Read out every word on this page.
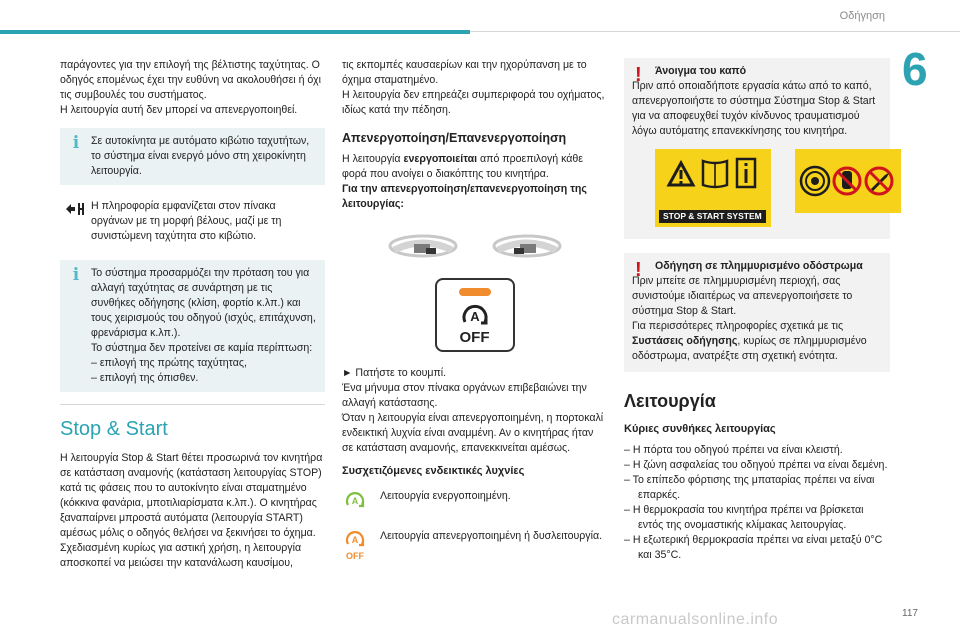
Οδήγηση
6
117
carmanualsonline.info

παράγοντες για την επιλογή της βέλτιστης ταχύτητας. Ο οδηγός επομένως έχει την ευθύνη να ακολουθήσει ή όχι τις συμβουλές του συστήματος.
Η λειτουργία αυτή δεν μπορεί να απενεργοποιηθεί.

i	Σε αυτοκίνητα με αυτόματο κιβώτιο ταχυτήτων, το σύστημα είναι ενεργό μόνο στη χειροκίνητη λειτουργία.

Η πληροφορία εμφανίζεται στον πίνακα οργάνων με τη μορφή βέλους, μαζί με τη συνιστώμενη ταχύτητα στο κιβώτιο.

i	Το σύστημα προσαρμόζει την πρόταση του για αλλαγή ταχύτητας σε συνάρτηση με τις συνθήκες οδήγησης (κλίση, φορτίο κ.λπ.) και τους χειρισμούς του οδηγού (ισχύς, επιτάχυνση, φρενάρισμα κ.λπ.).
Το σύστημα δεν προτείνει σε καμία περίπτωση:
– επιλογή της πρώτης ταχύτητας,
– επιλογή της όπισθεν.

Stop & Start

Η λειτουργία Stop & Start θέτει προσωρινά τον κινητήρα σε κατάσταση αναμονής (κατάσταση λειτουργίας STOP) κατά τις φάσεις που το αυτοκίνητο είναι σταματημένο (κόκκινα φανάρια, μποτιλιαρίσματα κ.λπ.). Ο κινητήρας ξαναπαίρνει μπροστά αυτόματα (λειτουργία START) αμέσως μόλις ο οδηγός θελήσει να ξεκινήσει το όχημα.
Σχεδιασμένη κυρίως για αστική χρήση, η λειτουργία αποσκοπεί να μειώσει την κατανάλωση καυσίμου,

τις εκπομπές καυσαερίων και την ηχορύπανση με το όχημα σταματημένο.
Η λειτουργία δεν επηρεάζει συμπεριφορά του οχήματος, ιδίως κατά την πέδηση.

Απενεργοποίηση/Επανενεργοποίηση

Η λειτουργία ενεργοποιείται από προεπιλογή κάθε φορά που ανοίγει ο διακόπτης του κινητήρα.

Για την απενεργοποίηση/επανενεργοποίηση της λειτουργίας:

A
OFF

► Πατήστε το κουμπί.
Ένα μήνυμα στον πίνακα οργάνων επιβεβαιώνει την αλλαγή κατάστασης.
Όταν η λειτουργία είναι απενεργοποιημένη, η πορτοκαλί ενδεικτική λυχνία είναι αναμμένη. Αν ο κινητήρας ήταν σε κατάσταση αναμονής, επανεκκινείται αμέσως.

Συσχετιζόμενες ενδεικτικές λυχνίες
A Λειτουργία ενεργοποιημένη.

A
OFF

Λειτουργία απενεργοποιημένη ή δυσλειτουργία.

! Άνοιγμα του καπό

Πριν από οποιαδήποτε εργασία κάτω από το καπό, απενεργοποιήστε το σύστημα Σύστημα Stop & Start για να αποφευχθεί τυχόν κίνδυνος τραυματισμού λόγω αυτόματης επανεκκίνησης του κινητήρα.

STOP & START SYSTEM
! Οδήγηση σε πλημμυρισμένο οδόστρωμα

Πριν μπείτε σε πλημμυρισμένη περιοχή, σας συνιστούμε ιδιαιτέρως να απενεργοποιήσετε το σύστημα Stop & Start.
Για περισσότερες πληροφορίες σχετικά με τις Συστάσεις οδήγησης, κυρίως σε πλημμυρισμένο οδόστρωμα, ανατρέξτε στη σχετική ενότητα.

Λειτουργία
Κύριες συνθήκες λειτουργίας
– Η πόρτα του οδηγού πρέπει να είναι κλειστή.
– Η ζώνη ασφαλείας του οδηγού πρέπει να είναι δεμένη.
– Το επίπεδο φόρτισης της μπαταρίας πρέπει να είναι επαρκές.
– Η θερμοκρασία του κινητήρα πρέπει να βρίσκεται εντός της ονομαστικής κλίμακας λειτουργίας.
– Η εξωτερική θερμοκρασία πρέπει να είναι μεταξύ 0°C και 35°C.
